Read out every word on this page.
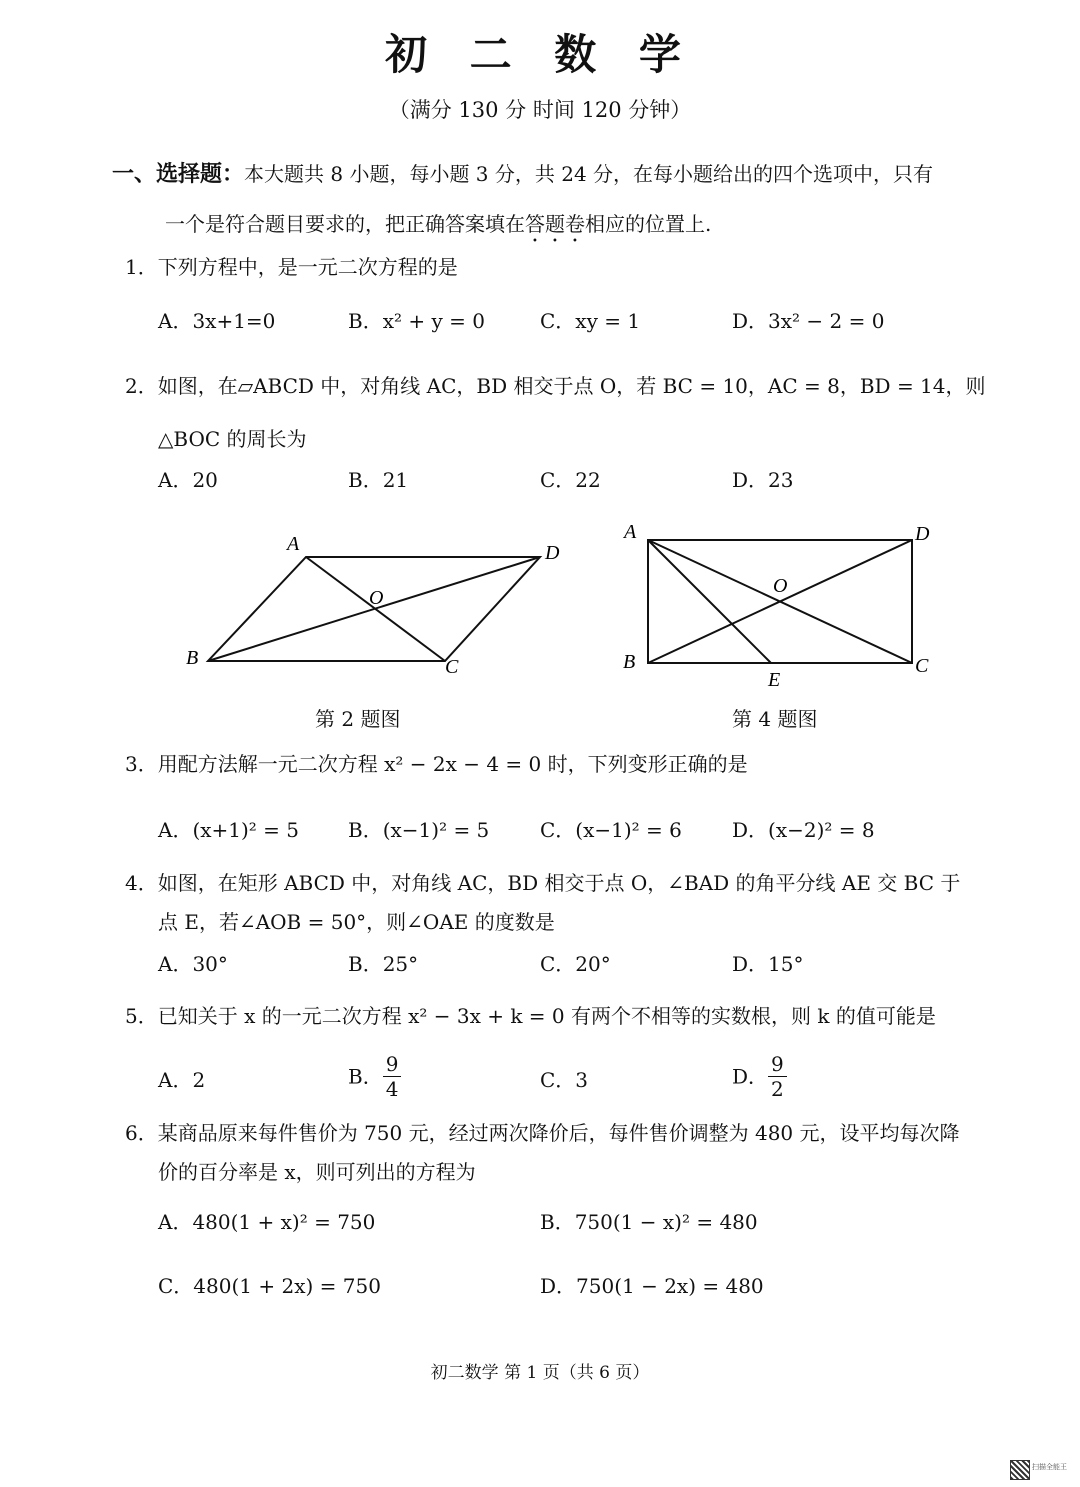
初 二 数 学
（满分 130 分 时间 120 分钟）
一、选择题：本大题共 8 小题，每小题 3 分，共 24 分，在每小题给出的四个选项中，只有
一个是符合题目要求的，把正确答案填在答题卷相应的位置上.
1．下列方程中，是一元二次方程的是
A．3x+1=0	B．x² + y = 0	C．xy = 1	D．3x² − 2 = 0
2．如图，在▱ABCD 中，对角线 AC，BD 相交于点 O，若 BC = 10，AC = 8，BD = 14，则
△BOC 的周长为
A．20	B．21	C．22	D．23
A	D
O
B	C
第 2 题图
A	D
O
B	C
E
第 4 题图
3．用配方法解一元二次方程 x² − 2x − 4 = 0 时，下列变形正确的是
A．(x+1)² = 5 B．(x−1)² = 5	C．(x−1)² = 6	D．(x−2)² = 8
4．如图，在矩形 ABCD 中，对角线 AC，BD 相交于点 O，∠BAD 的角平分线 AE 交 BC 于
点 E，若∠AOB = 50°，则∠OAE 的度数是
A．30°	B．25°	C．20°	D．15°
5．已知关于 x 的一元二次方程 x² − 3x + k = 0 有两个不相等的实数根，则 k 的值可能是
A．2	B． $\frac{9}{4}$	C．3	D． $\frac{9}{2}$
6．某商品原来每件售价为 750 元，经过两次降价后，每件售价调整为 480 元，设平均每次降
价的百分率是 x，则可列出的方程为
A．480(1 + x)² = 750	B．750(1 − x)² = 480
C．480(1 + 2x) = 750	D．750(1 − 2x) = 480
初二数学 第 1 页（共 6 页）
扫描全能王
